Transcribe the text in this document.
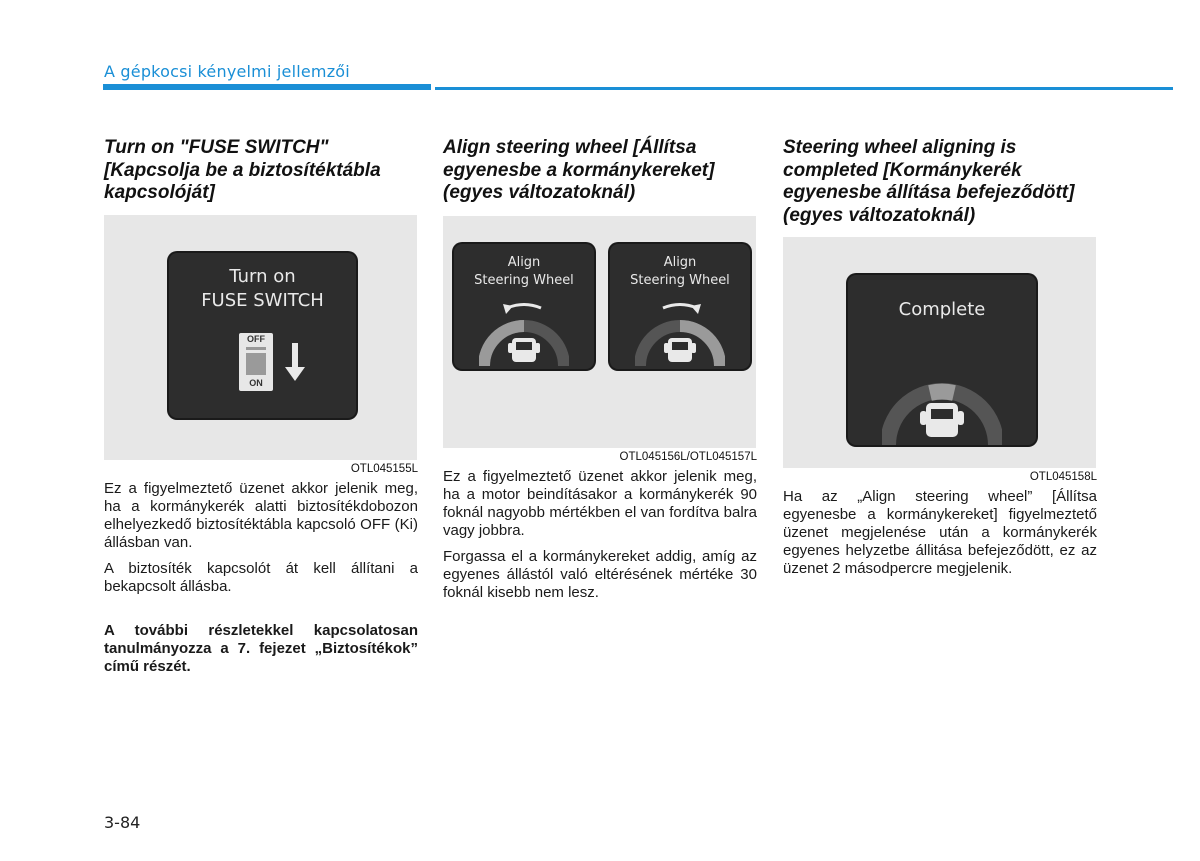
A gépkocsi kényelmi jellemzői
Turn on "FUSE SWITCH"
[Kapcsolja be a biztosítéktábla
kapcsolóját]
Turn on
FUSE SWITCH
OFF
ON
OTL045155L

Ez a figyelmeztető üzenet akkor jelenik meg, ha a kormánykerék alatti biztosítékdobozon elhelyezkedő biztosítéktábla kapcsoló OFF (Ki) állásban van.

A biztosíték kapcsolót át kell állítani a bekapcsolt állásba.

A további részletekkel kapcsolatosan tanulmányozza a 7. fejezet „Biztosítékok” című részét.

Align steering wheel [Állítsa
egyenesbe a kormánykereket]
(egyes változatoknál)
Align
Steering Wheel
Align
Steering Wheel
OTL045156L/OTL045157L

Ez a figyelmeztető üzenet akkor jelenik meg, ha a motor beindításakor a kormánykerék 90 foknál nagyobb mértékben el van fordítva balra vagy jobbra.

Forgassa el a kormánykereket addig, amíg az egyenes állástól való eltérésének mértéke 30 foknál kisebb nem lesz.

Steering wheel aligning is
completed [Kormánykerék
egyenesbe állítása befejeződött]
(egyes változatoknál)
Complete
OTL045158L

Ha az „Align steering wheel” [Állítsa egyenesbe a kormánykereket] figyelmeztető üzenet megjelenése után a kormánykerék egyenes helyzetbe állitása befejeződött, ez az üzenet 2 másodpercre megjelenik.

3-84
